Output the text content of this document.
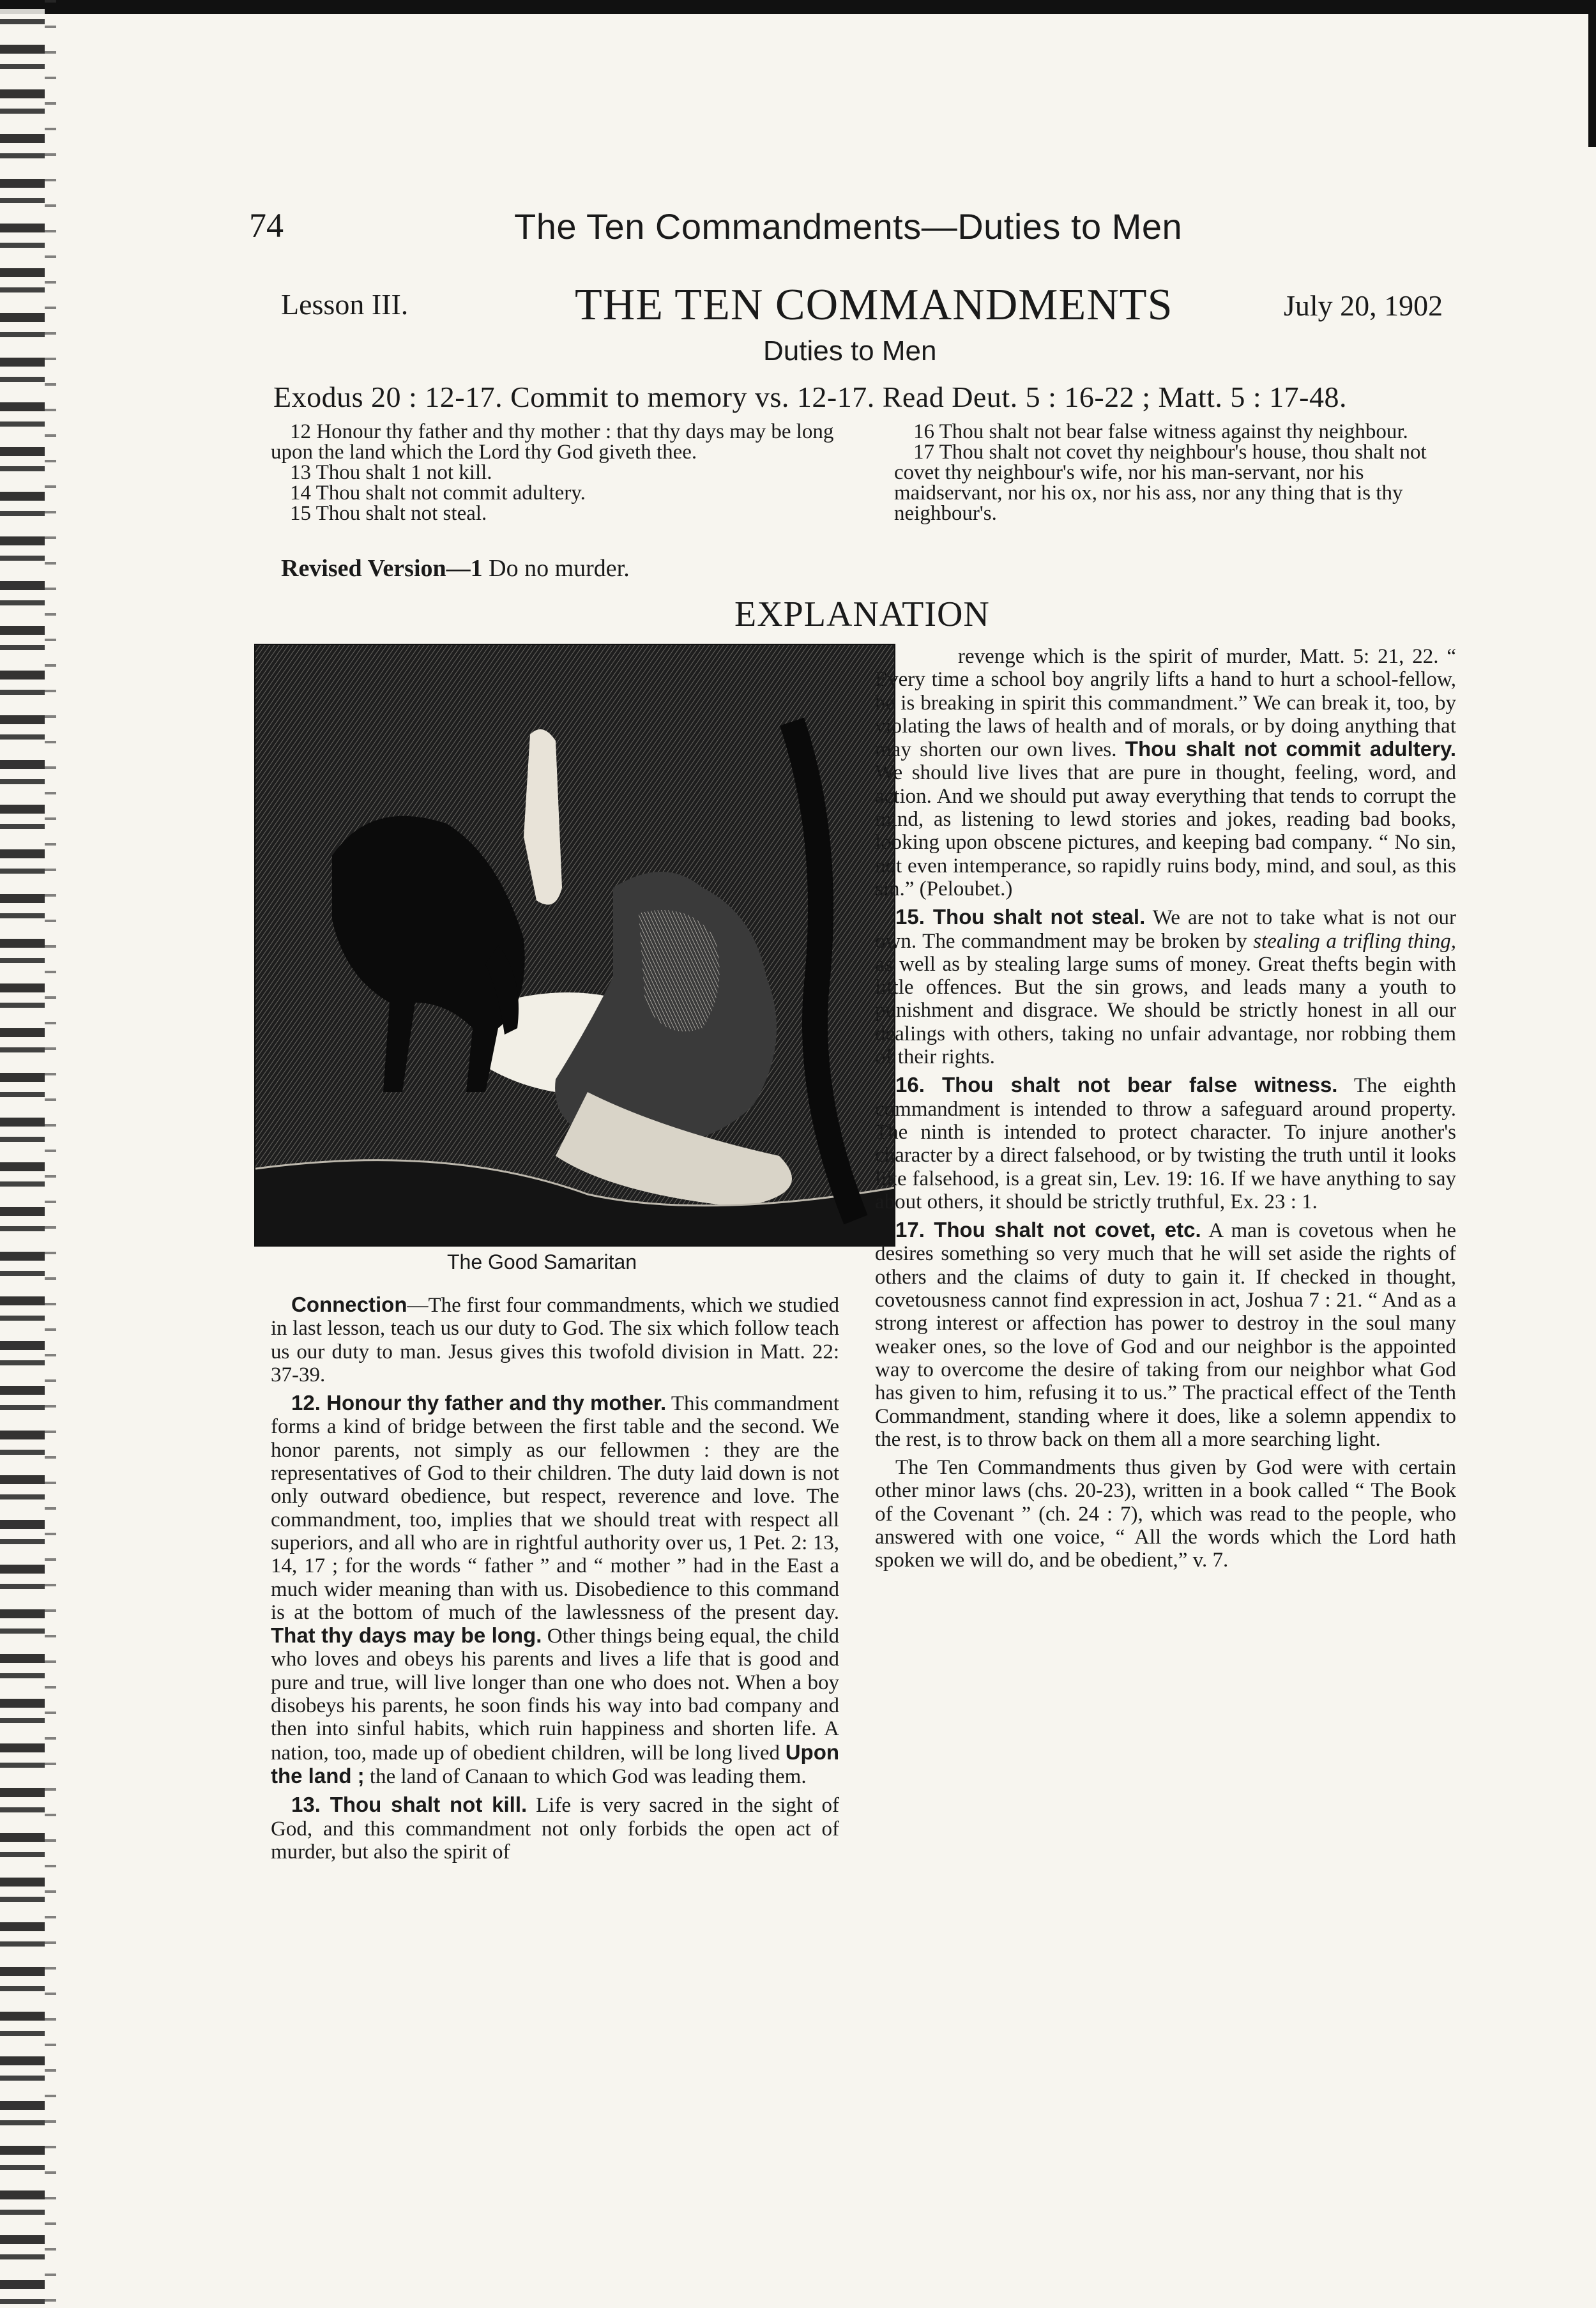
74	The Ten Commandments—Duties to Men
Lesson III.	THE TEN COMMANDMENTS	July 20, 1902
Duties to Men
Exodus 20 : 12-17. Commit to memory vs. 12-17. Read Deut. 5 : 16-22 ; Matt. 5 : 17-48.

12 Honour thy father and thy mother : that thy days may be long upon the land which the Lord thy God giveth thee.

13 Thou shalt 1 not kill.

14 Thou shalt not commit adultery.

15 Thou shalt not steal.

16 Thou shalt not bear false witness against thy neighbour.

17 Thou shalt not covet thy neighbour's house, thou shalt not covet thy neighbour's wife, nor his man-servant, nor his maidservant, nor his ox, nor his ass, nor any thing that is thy neighbour's.

Revised Version—1 Do no murder.
EXPLANATION
The Good Samaritan

Connection—The first four commandments, which we studied in last lesson, teach us our duty to God. The six which follow teach us our duty to man. Jesus gives this twofold division in Matt. 22: 37-39.

12. Honour thy father and thy mother. This commandment forms a kind of bridge between the first table and the second. We honor parents, not simply as our fellowmen : they are the representatives of God to their children. The duty laid down is not only outward obedience, but respect, reverence and love. The commandment, too, implies that we should treat with respect all superiors, and all who are in rightful authority over us, 1 Pet. 2: 13, 14, 17 ; for the words “ father ” and “ mother ” had in the East a much wider meaning than with us. Disobedience to this command is at the bottom of much of the lawlessness of the present day. That thy days may be long. Other things being equal, the child who loves and obeys his parents and lives a life that is good and pure and true, will live longer than one who does not. When a boy disobeys his parents, he soon finds his way into bad company and then into sinful habits, which ruin happiness and shorten life. A nation, too, made up of obedient children, will be long lived Upon the land ; the land of Canaan to which God was leading them.

13. Thou shalt not kill. Life is very sacred in the sight of God, and this commandment not only forbids the open act of murder, but also the spirit of

revenge which is the spirit of murder, Matt. 5: 21, 22. “ Every time a school boy angrily lifts a hand to hurt a school-fellow, he is breaking in spirit this commandment.” We can break it, too, by violating the laws of health and of morals, or by doing anything that may shorten our own lives. Thou shalt not commit adultery. We should live lives that are pure in thought, feeling, word, and action. And we should put away everything that tends to corrupt the mind, as listening to lewd stories and jokes, reading bad books, looking upon obscene pictures, and keeping bad company. “ No sin, not even intemperance, so rapidly ruins body, mind, and soul, as this sin.” (Peloubet.)

15. Thou shalt not steal. We are not to take what is not our own. The commandment may be broken by stealing a trifling thing, as well as by stealing large sums of money. Great thefts begin with little offences. But the sin grows, and leads many a youth to punishment and disgrace. We should be strictly honest in all our dealings with others, taking no unfair advantage, nor robbing them of their rights.

16. Thou shalt not bear false witness. The eighth commandment is intended to throw a safeguard around property. The ninth is intended to protect character. To injure another's character by a direct falsehood, or by twisting the truth until it looks like falsehood, is a great sin, Lev. 19: 16. If we have anything to say about others, it should be strictly truthful, Ex. 23 : 1.

17. Thou shalt not covet, etc. A man is covetous when he desires something so very much that he will set aside the rights of others and the claims of duty to gain it. If checked in thought, covetousness cannot find expression in act, Joshua 7 : 21. “ And as a strong interest or affection has power to destroy in the soul many weaker ones, so the love of God and our neighbor is the appointed way to overcome the desire of taking from our neighbor what God has given to him, refusing it to us.” The practical effect of the Tenth Commandment, standing where it does, like a solemn appendix to the rest, is to throw back on them all a more searching light.

The Ten Commandments thus given by God were with certain other minor laws (chs. 20-23), written in a book called “ The Book of the Covenant ” (ch. 24 : 7), which was read to the people, who answered with one voice, “ All the words which the Lord hath spoken we will do, and be obedient,” v. 7.
